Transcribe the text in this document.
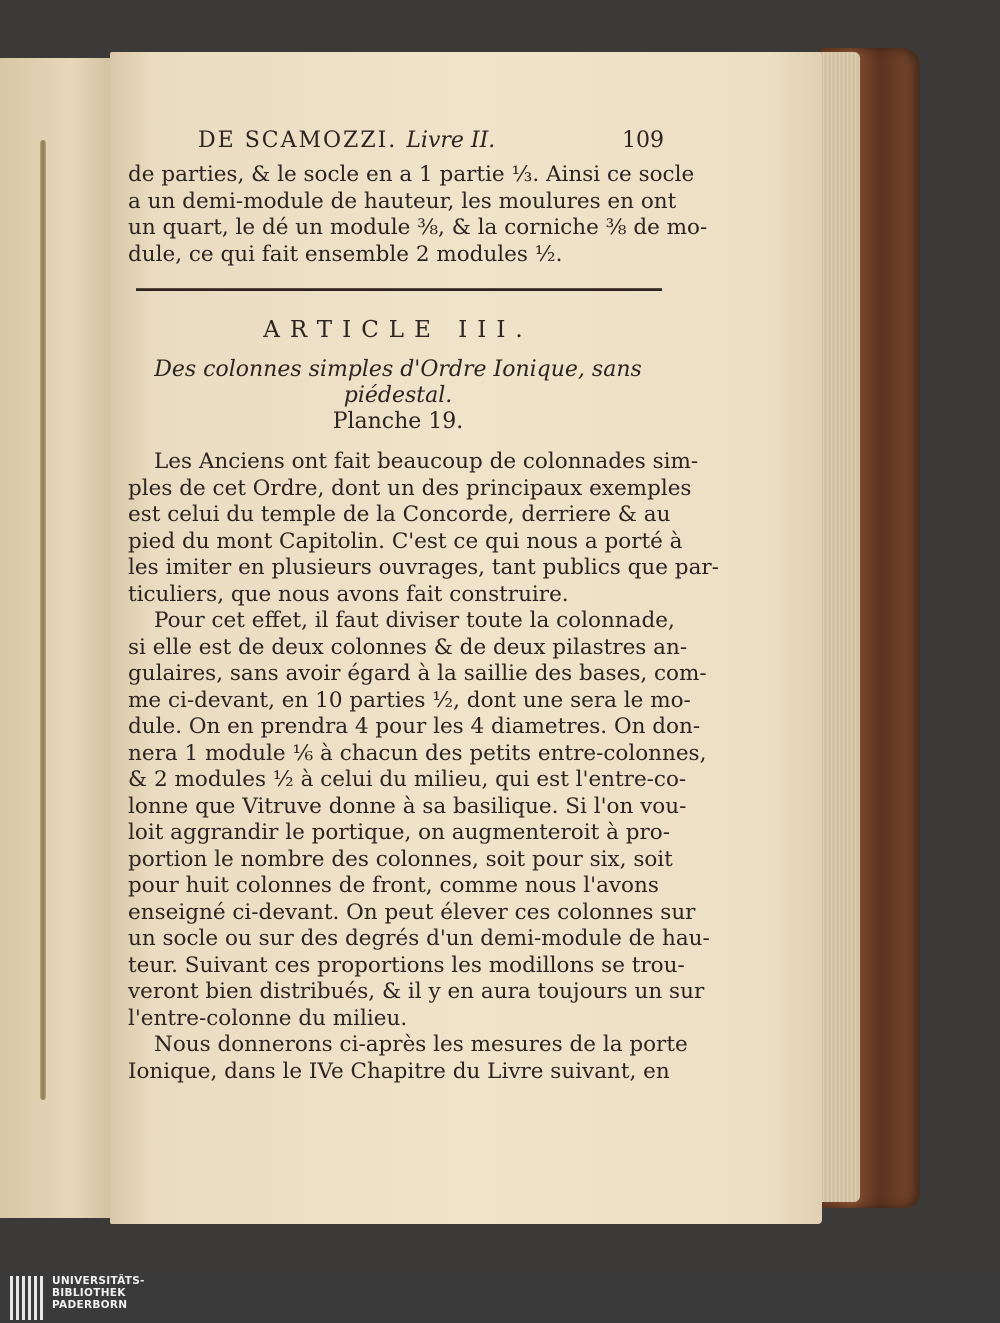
DE SCAMOZZI. Livre II.	109

de parties, & le socle en a 1 partie ⅓. Ainsi ce socle
a un demi-module de hauteur, les moulures en ont
un quart, le dé un module ⅜, & la corniche ⅜ de mo-
dule, ce qui fait ensemble 2 modules ½.

ARTICLE III.
Des colonnes simples d'Ordre Ionique, sans piédestal.
Planche 19.

Les Anciens ont fait beaucoup de colonnades sim-
ples de cet Ordre, dont un des principaux exemples
est celui du temple de la Concorde, derriere & au
pied du mont Capitolin. C'est ce qui nous a porté à
les imiter en plusieurs ouvrages, tant publics que par-
ticuliers, que nous avons fait construire.

Pour cet effet, il faut diviser toute la colonnade,
si elle est de deux colonnes & de deux pilastres an-
gulaires, sans avoir égard à la saillie des bases, com-
me ci-devant, en 10 parties ½, dont une sera le mo-
dule. On en prendra 4 pour les 4 diametres. On don-
nera 1 module ⅙ à chacun des petits entre-colonnes,
& 2 modules ½ à celui du milieu, qui est l'entre-co-
lonne que Vitruve donne à sa basilique. Si l'on vou-
loit aggrandir le portique, on augmenteroit à pro-
portion le nombre des colonnes, soit pour six, soit
pour huit colonnes de front, comme nous l'avons
enseigné ci-devant. On peut élever ces colonnes sur
un socle ou sur des degrés d'un demi-module de hau-
teur. Suivant ces proportions les modillons se trou-
veront bien distribués, & il y en aura toujours un sur
l'entre-colonne du milieu.

Nous donnerons ci-après les mesures de la porte
Ionique, dans le IVe Chapitre du Livre suivant, en

UNIVERSITÄTS-
BIBLIOTHEK
PADERBORN
